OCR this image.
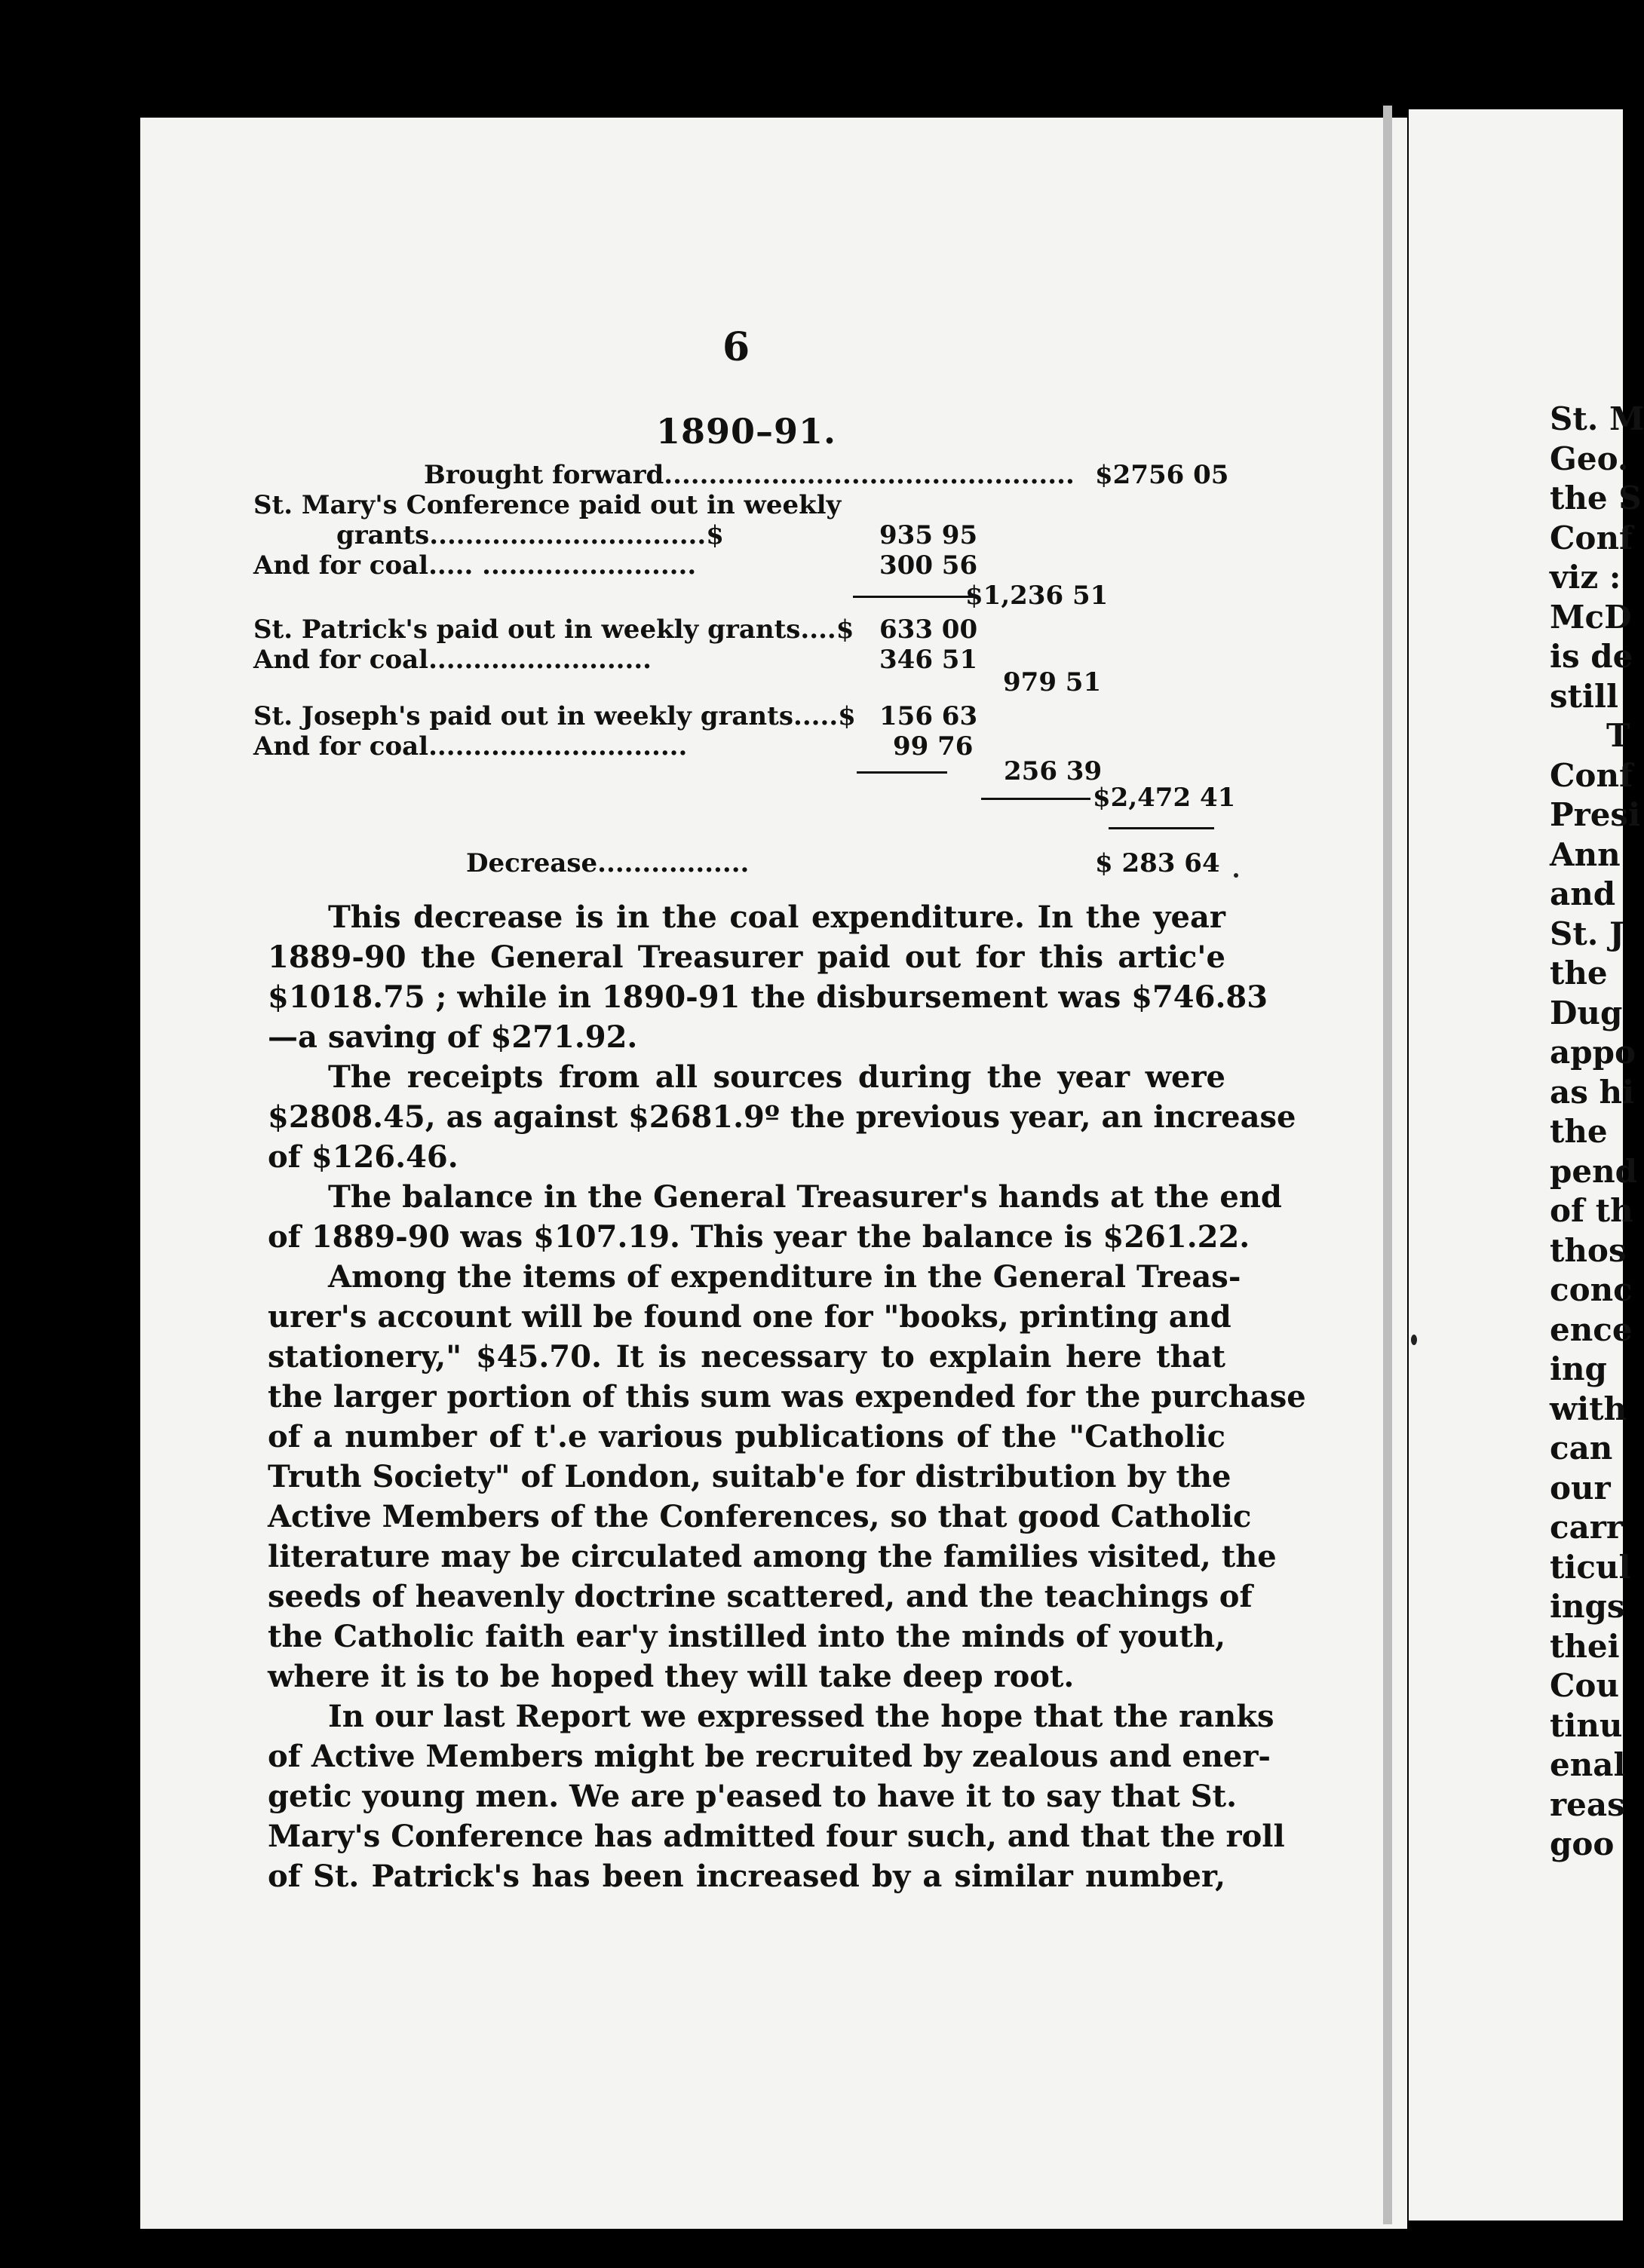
6
1890–91.
Brought forward.............................................. $2756 05
St. Mary's Conference paid out in weekly
grants...............................$	935 95
And for coal..... ........................	300 56
$1,236 51
St. Patrick's paid out in weekly grants....$ 633 00
And for coal.........................	346 51
979 51
St. Joseph's paid out in weekly grants.....$ 156 63
And for coal.............................	99 76
256 39
$2,472 41
Decrease.................	$ 283 64
This decrease is in the coal expenditure. In the year
1889-90 the General Treasurer paid out for this artic'e
$1018.75 ; while in 1890-91 the disbursement was $746.83
—a saving of $271.92.
The receipts from all sources during the year were
$2808.45, as against $2681.9º the previous year, an increase
of $126.46.
The balance in the General Treasurer's hands at the end
of 1889-90 was $107.19. This year the balance is $261.22.
Among the items of expenditure in the General Treas-
urer's account will be found one for "books, printing and
stationery," $45.70. It is necessary to explain here that
the larger portion of this sum was expended for the purchase
of a number of t'.e various publications of the "Catholic
Truth Society" of London, suitab'e for distribution by the
Active Members of the Conferences, so that good Catholic
literature may be circulated among the families visited, the
seeds of heavenly doctrine scattered, and the teachings of
the Catholic faith ear'y instilled into the minds of youth,
where it is to be hoped they will take deep root.
In our last Report we expressed the hope that the ranks
of Active Members might be recruited by zealous and ener-
getic young men. We are p'eased to have it to say that St.
Mary's Conference has admitted four such, and that the roll
of St. Patrick's has been increased by a similar number,
St. M
Geo.
the S
Conf
viz :
McD
is de
still
T
Conf
Presi
Ann
and
St. J
the
Dug
appo
as hi
the
pend
of th
thos
conc
ence
ing
with
can
our
carr
ticul
ings
thei
Cou
tinu
enal
reas
goo
